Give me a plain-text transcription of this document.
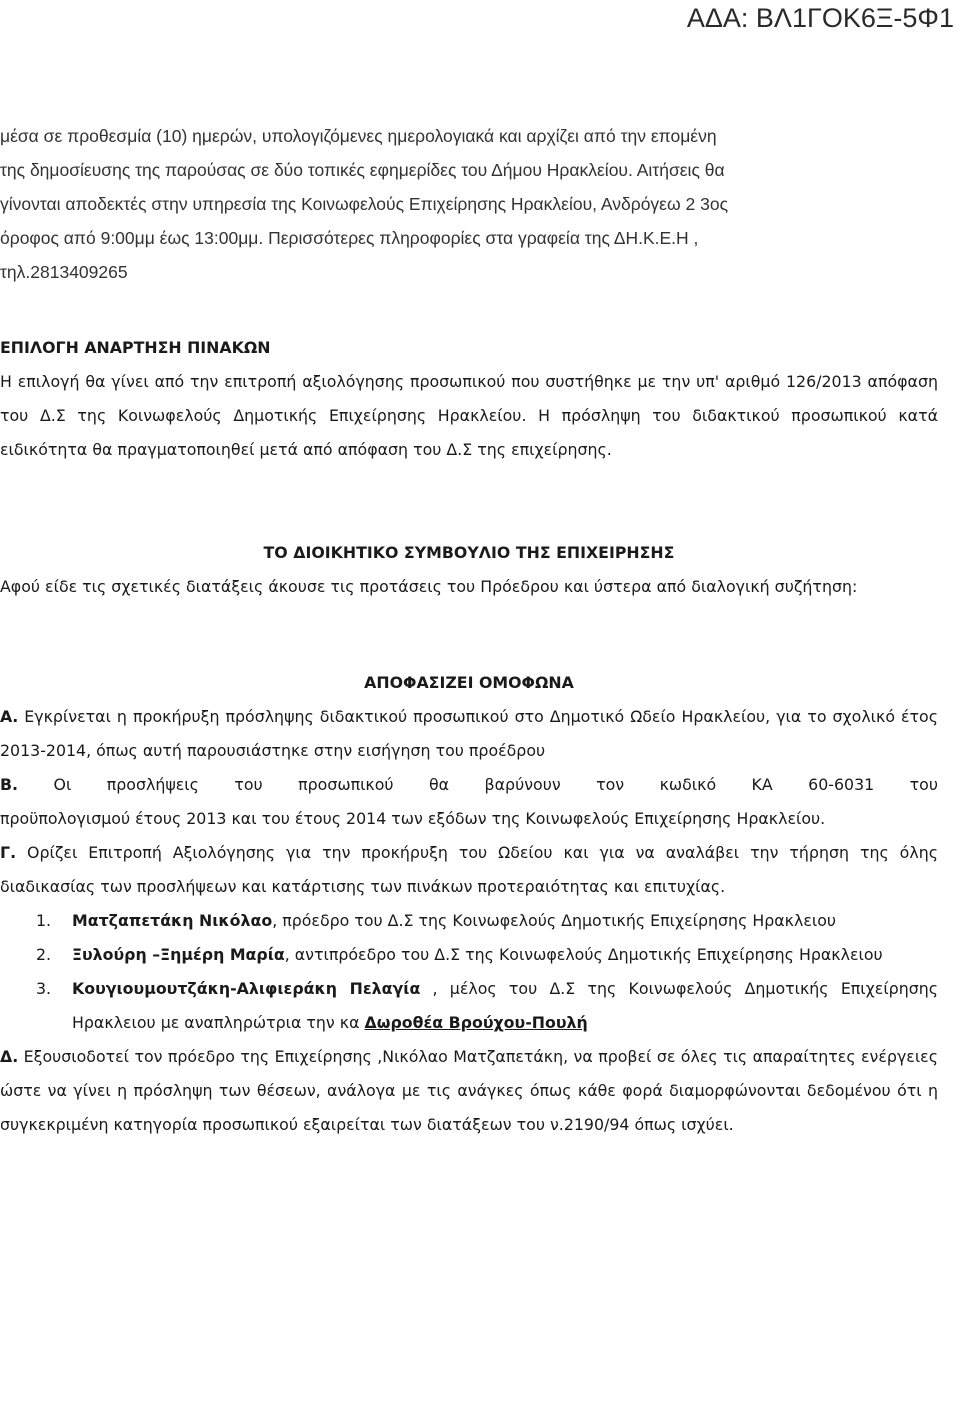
ΑΔΑ: ΒΛ1ΓΟΚ6Ξ-5Φ1
μέσα σε προθεσμία (10) ημερών, υπολογιζόμενες ημερολογιακά και αρχίζει από την επομένη
της δημοσίευσης της παρούσας σε δύο τοπικές εφημερίδες του Δήμου Ηρακλείου. Αιτήσεις θα
γίνονται αποδεκτές στην υπηρεσία της Κοινωφελούς Επιχείρησης Ηρακλείου, Ανδρόγεω 2 3ος
όροφος από 9:00μμ έως 13:00μμ. Περισσότερες πληροφορίες στα γραφεία της ΔΗ.Κ.Ε.Η ,
τηλ.2813409265
ΕΠΙΛΟΓΗ ΑΝΑΡΤΗΣΗ ΠΙΝΑΚΩΝ
Η επιλογή θα γίνει από την επιτροπή αξιολόγησης προσωπικού που συστήθηκε με την υπ' αριθμό 126/2013 απόφαση του Δ.Σ της Κοινωφελούς Δημοτικής Επιχείρησης Ηρακλείου. Η πρόσληψη του διδακτικού προσωπικού κατά ειδικότητα θα πραγματοποιηθεί μετά από απόφαση του Δ.Σ της επιχείρησης.
ΤΟ ΔΙΟΙΚΗΤΙΚΟ ΣΥΜΒΟΥΛΙΟ ΤΗΣ ΕΠΙΧΕΙΡΗΣΗΣ
Αφού είδε τις σχετικές διατάξεις άκουσε τις προτάσεις του Πρόεδρου και ύστερα από διαλογική συζήτηση:
ΑΠΟΦΑΣΙΖΕΙ ΟΜΟΦΩΝΑ
Α. Εγκρίνεται η προκήρυξη πρόσληψης διδακτικού προσωπικού στο Δημοτικό Ωδείο Ηρακλείου, για το σχολικό έτος 2013-2014, όπως αυτή παρουσιάστηκε στην εισήγηση του προέδρου
Β. Οι προσλήψεις του προσωπικού θα βαρύνουν τον κωδικό ΚΑ 60-6031 του
προϋπολογισμού έτους 2013 και του έτους 2014 των εξόδων της Κοινωφελούς Επιχείρησης Ηρακλείου.
Γ. Ορίζει Επιτροπή Αξιολόγησης για την προκήρυξη του Ωδείου και για να αναλάβει την τήρηση της όλης διαδικασίας των προσλήψεων και κατάρτισης των πινάκων προτεραιότητας και επιτυχίας.
1. Ματζαπετάκη Νικόλαο, πρόεδρο του Δ.Σ της Κοινωφελούς Δημοτικής Επιχείρησης Ηρακλειου
2. Ξυλούρη –Ξημέρη Μαρία, αντιπρόεδρο του Δ.Σ της Κοινωφελούς Δημοτικής Επιχείρησης Ηρακλειου
3. Κουγιουμουτζάκη-Αλιφιεράκη Πελαγία , μέλος του Δ.Σ της Κοινωφελούς Δημοτικής Επιχείρησης Ηρακλειου με αναπληρώτρια την κα Δωροθέα Βρούχου-Πουλή
Δ. Εξουσιοδοτεί τον πρόεδρο της Επιχείρησης ,Νικόλαο Ματζαπετάκη, να προβεί σε όλες τις απαραίτητες ενέργειες ώστε να γίνει η πρόσληψη των θέσεων, ανάλογα με τις ανάγκες όπως κάθε φορά διαμορφώνονται δεδομένου ότι η συγκεκριμένη κατηγορία προσωπικού εξαιρείται των διατάξεων του ν.2190/94 όπως ισχύει.
